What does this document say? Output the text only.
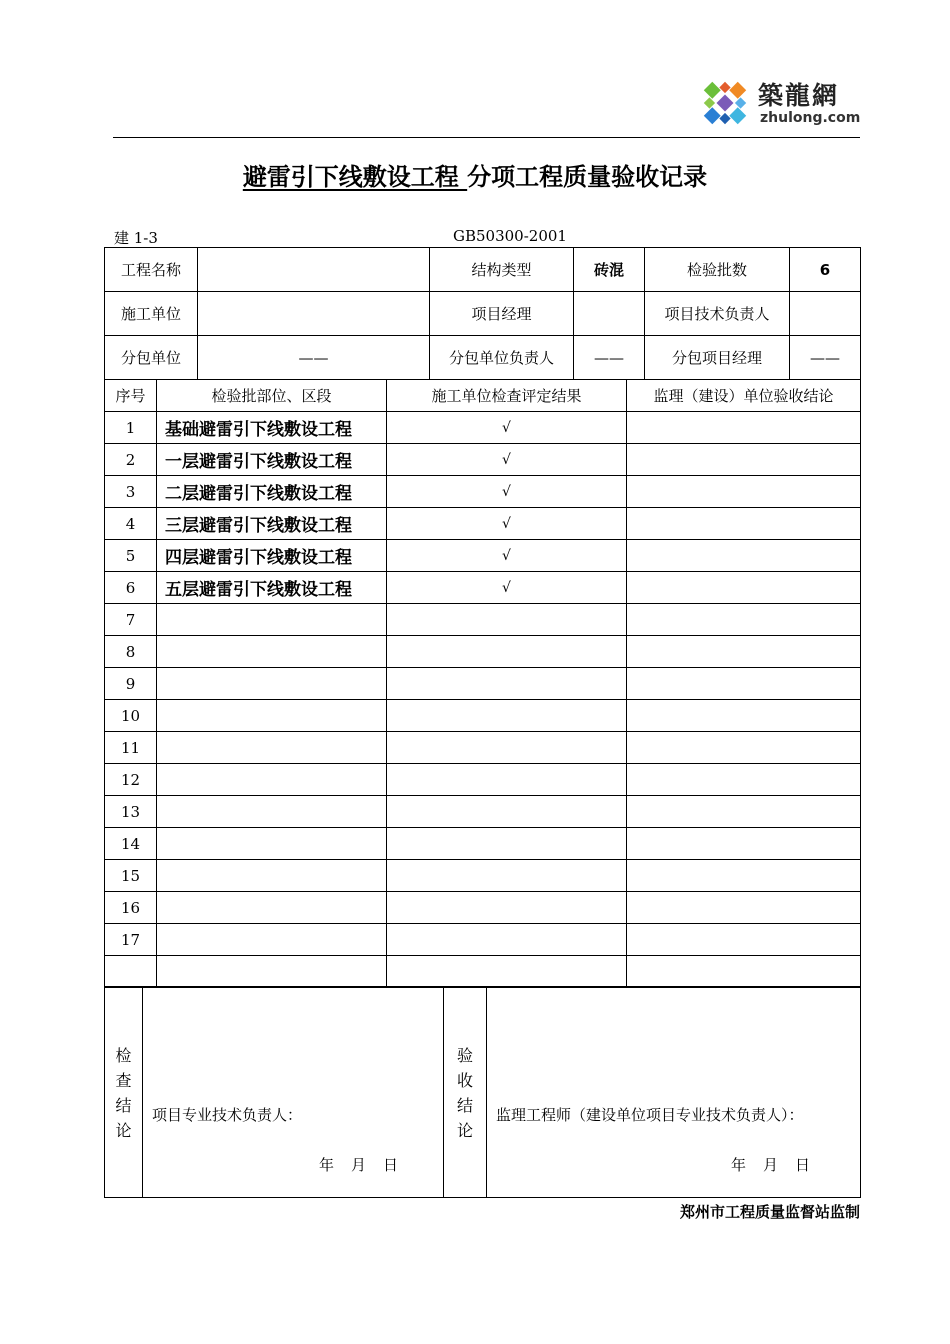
築龍網
zhulong.com
避雷引下线敷设工程 分项工程质量验收记录
建 1-3	GB50300-2001
工程名称		结构类型	砖混	检验批数	6
施工单位		项目经理		项目技术负责人	
分包单位	——	分包单位负责人	——	分包项目经理	——
序号	检验批部位、区段	施工单位检查评定结果	监理（建设）单位验收结论
1	基础避雷引下线敷设工程	√	
2	一层避雷引下线敷设工程	√	
3	二层避雷引下线敷设工程	√	
4	三层避雷引下线敷设工程	√	
5	四层避雷引下线敷设工程	√	
6	五层避雷引下线敷设工程	√	
7			
8			
9			
10			
11			
12			
13			
14			
15			
16			
17			

检
查
结
论

项目专业技术负责人：
年　月　日

验
收
结
论

监理工程师（建设单位项目专业技术负责人）：
年　月　日
郑州市工程质量监督站监制
